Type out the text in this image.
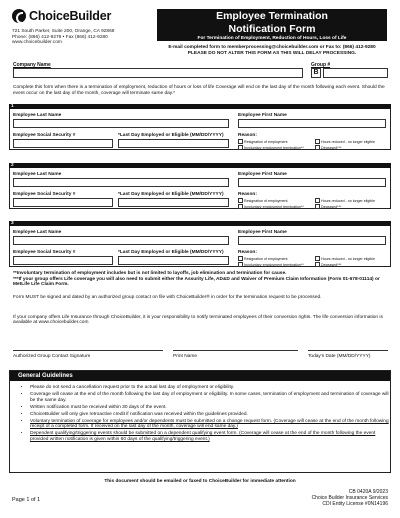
ChoiceBuilder
721 South Parker, Suite 200, Orange, CA 92868
Phone: (866) 412-9279 • Fax (866) 412-9280
www.choicebuilder.com
Employee Termination
Notification Form
For Termination of Employment, Reduction of Hours, Loss of Life
E-mail completed form to memberprocessing@choicebuilder.com or Fax to: (866) 412-9280
PLEASE DO NOT ALTER THIS FORM AS THIS WILL DELAY PROCESSING.
Company Name	Group #
B
Complete this form when there is a termination of employment, reduction of hours or loss of life Coverage will end on the last day of the month following each event. Should the event occur on the last day of the month, coverage will terminate same day.*
1
Employee Last Name	Employee First Name
Employee Social Security #	*Last Day Employed or Eligible (MM/DD/YYYY)	Reason:
Resignation of employment	Hours reduced - no longer eligible
Involuntary employment termination**	Deceased***
2
Employee Last Name	Employee First Name
Employee Social Security #	*Last Day Employed or Eligible (MM/DD/YYYY)	Reason:
Resignation of employment	Hours reduced - no longer eligible
Involuntary employment termination**	Deceased***
3
Employee Last Name	Employee First Name
Employee Social Security #	*Last Day Employed or Eligible (MM/DD/YYYY)	Reason:
Resignation of employment	Hours reduced - no longer eligible
Involuntary employment termination**	Deceased***
**Involuntary termination of employment includes but is not limited to layoffs, job elimination and termination for cause.
***If your group offers Life coverage you will also need to submit either the Assurity Life, AD&D and Waiver of Premium Claim Information (Form 01-678-01114) or MetLife Life Claim Form.
Form MUST be signed and dated by an authorized group contact on file with ChoiceBuilder® in order for the termination request to be processed.
If your company offers Life Insurance through ChoiceBuilder, it is your responsibility to notify terminated employees of their conversion rights. The life conversion information is available at www.choicebuilder.com
Authorized Group Contact Signature	Print Name	Today's Date (MM/DD/YYYY)
General Guidelines
• Please do not send a cancellation request prior to the actual last day of employment or eligibility.
• Coverage will cease at the end of the month following the last day of employment or eligibility. In some cases, termination of employment and termination of coverage will be the same day.
• Written notification must be received within 30 days of the event.
• ChoiceBuilder will only give retroactive credit if notification was received within the guidelines provided.
• Voluntary termination of coverage for employees and/or dependents must be submitted on a change request form. (Coverage will cease at the end of the month following receipt of a completed form. If received on the last day of the month, coverage will end same day.)
• Dependent qualifying/triggering events should be submitted on a dependent qualifying event form. (Coverage will cease at the end of the month following the event provided written notification is given within 60 days of the qualifying/triggering event.)
This document should be emailed or faxed to ChoiceBuilder for immediate attention
Page 1 of 1
CB 0420A 9/2023
Choice Builder Insurance Services
CDI Entity License #0N14196
